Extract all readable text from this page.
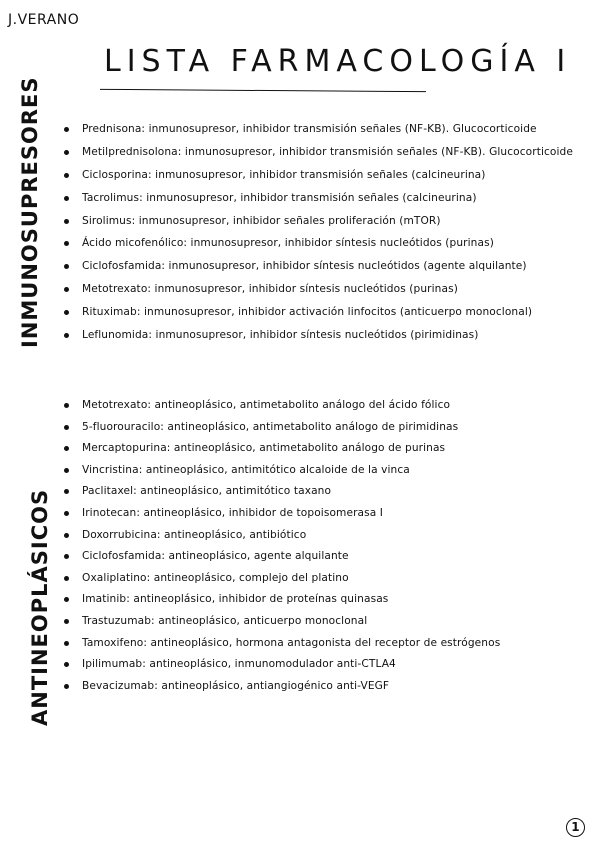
J.VERANO
LISTA FARMACOLOGÍA I
INMUNOSUPRESORES	Prednisona: inmunosupresor, inhibidor transmisión señales (NF-KB). Glucocorticoide
Metilprednisolona: inmunosupresor, inhibidor transmisión señales (NF-KB). Glucocorticoide
Ciclosporina: inmunosupresor, inhibidor transmisión señales (calcineurina)
Tacrolimus: inmunosupresor, inhibidor transmisión señales (calcineurina)
Sirolimus: inmunosupresor, inhibidor señales proliferación (mTOR)
Ácido micofenólico: inmunosupresor, inhibidor síntesis nucleótidos (purinas)
Ciclofosfamida: inmunosupresor, inhibidor síntesis nucleótidos (agente alquilante)
Metotrexato: inmunosupresor, inhibidor síntesis nucleótidos (purinas)
Rituximab: inmunosupresor, inhibidor activación linfocitos (anticuerpo monoclonal)
Leflunomida: inmunosupresor, inhibidor síntesis nucleótidos (pirimidinas)
ANTINEOPLÁSICOS
Metotrexato: antineoplásico, antimetabolito análogo del ácido fólico
5-fluorouracilo: antineoplásico, antimetabolito análogo de pirimidinas
Mercaptopurina: antineoplásico, antimetabolito análogo de purinas
Vincristina: antineoplásico, antimitótico alcaloide de la vinca
Paclitaxel: antineoplásico, antimitótico taxano
Irinotecan: antineoplásico, inhibidor de topoisomerasa I
Doxorrubicina: antineoplásico, antibiótico
Ciclofosfamida: antineoplásico, agente alquilante
Oxaliplatino: antineoplásico, complejo del platino
Imatinib: antineoplásico, inhibidor de proteínas quinasas
Trastuzumab: antineoplásico, anticuerpo monoclonal
Tamoxifeno: antineoplásico, hormona antagonista del receptor de estrógenos
Ipilimumab: antineoplásico, inmunomodulador anti-CTLA4
Bevacizumab: antineoplásico, antiangiogénico anti-VEGF
1
